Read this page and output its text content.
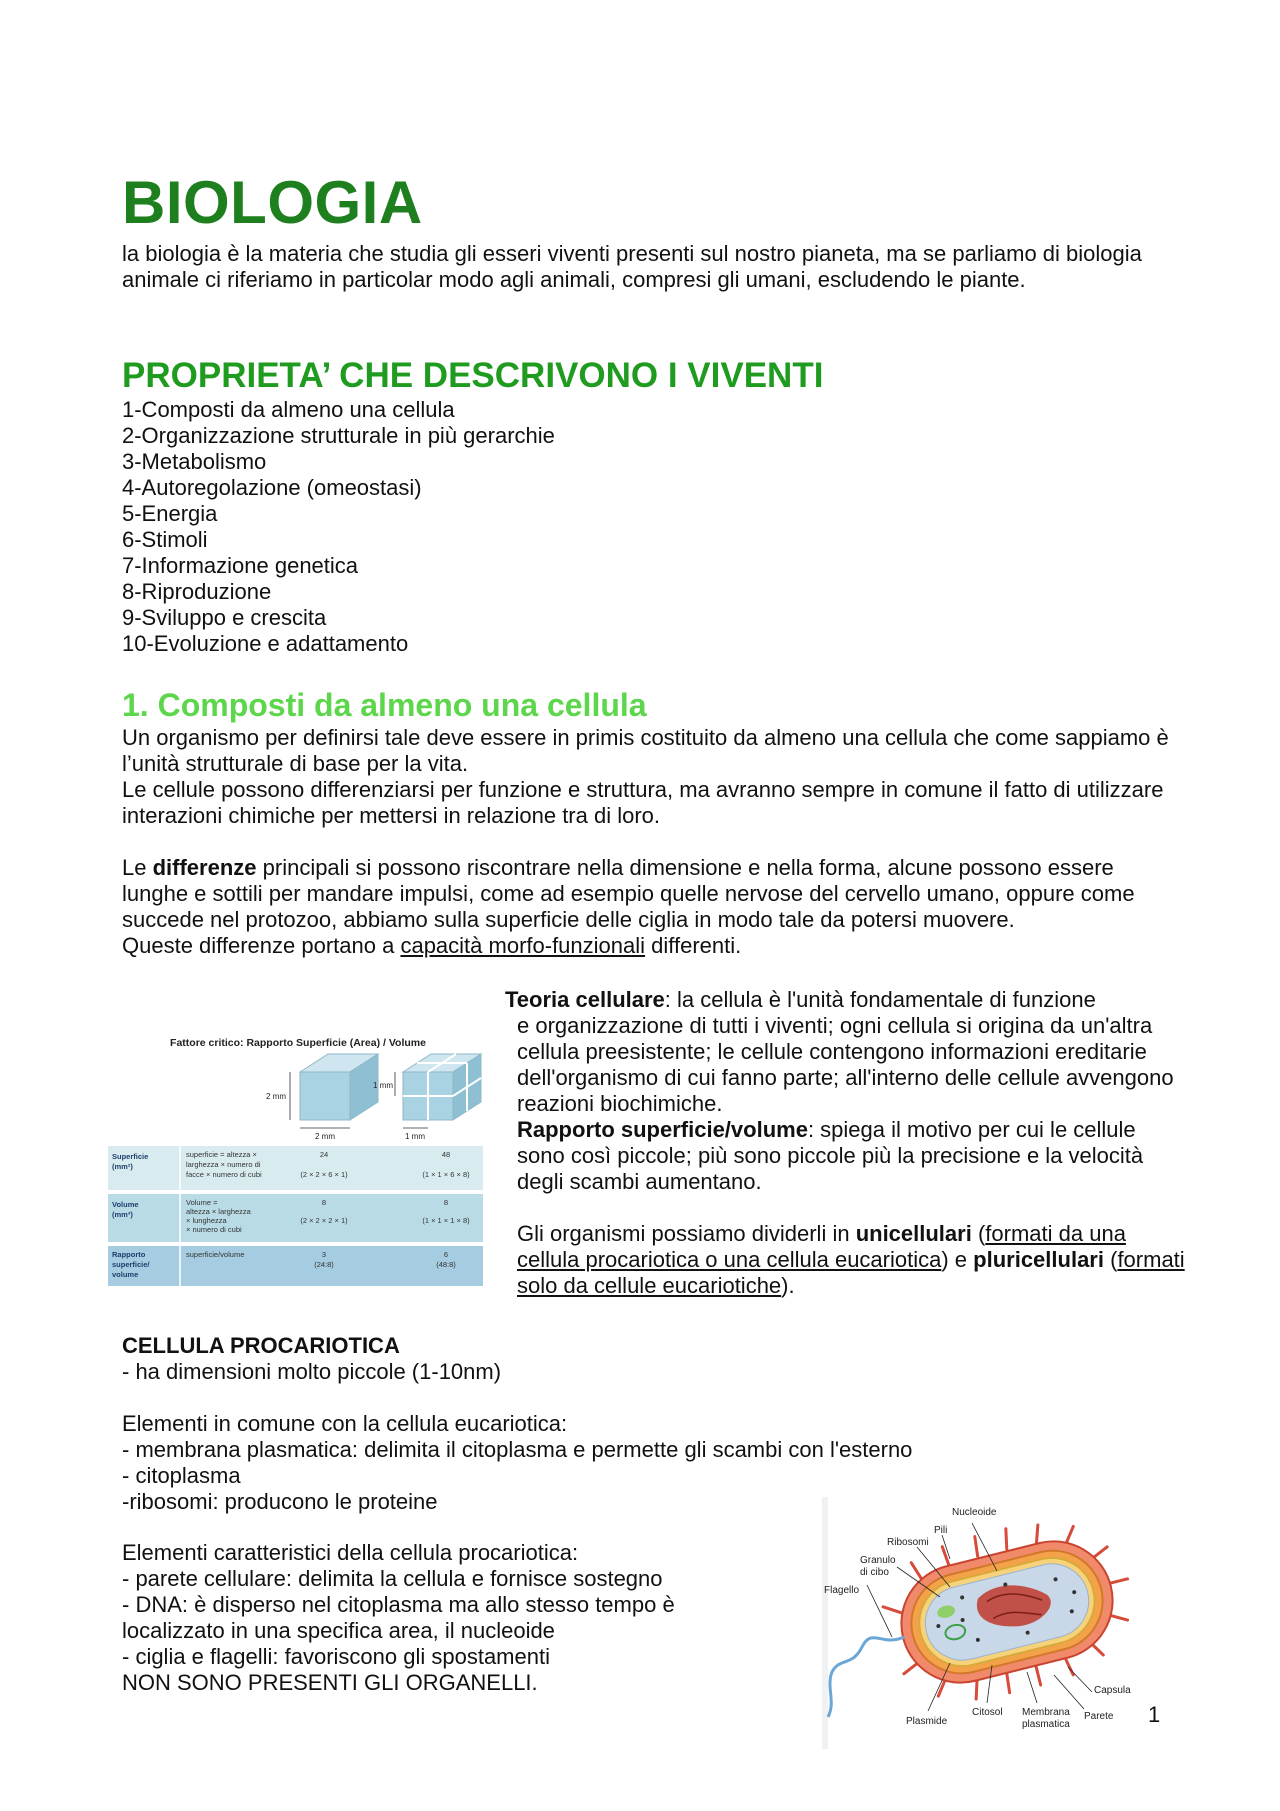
BIOLOGIA
la biologia è la materia che studia gli esseri viventi presenti sul nostro pianeta, ma se parliamo di biologia animale ci riferiamo in particolar modo agli animali, compresi gli umani, escludendo le piante.
PROPRIETA’ CHE DESCRIVONO I VIVENTI
1-Composti da almeno una cellula
2-Organizzazione strutturale in più gerarchie
3-Metabolismo
4-Autoregolazione (omeostasi)
5-Energia
6-Stimoli
7-Informazione genetica
8-Riproduzione
9-Sviluppo e crescita
10-Evoluzione e adattamento
1. Composti da almeno una cellula
Un organismo per definirsi tale deve essere in primis costituito da almeno una cellula che come sappiamo è l’unità strutturale di base per la vita.
Le cellule possono differenziarsi per funzione e struttura, ma avranno sempre in comune il fatto di utilizzare interazioni chimiche per mettersi in relazione tra di loro.
Le differenze principali si possono riscontrare nella dimensione e nella forma, alcune possono essere lunghe e sottili per mandare impulsi, come ad esempio quelle nervose del cervello umano, oppure come succede nel protozoo, abbiamo sulla superficie delle ciglia in modo tale da potersi muovere.
Queste differenze portano a capacità morfo-funzionali differenti.
Fattore critico: Rapporto Superficie (Area) / Volume
2 mm
2 mm
1 mm
1 mm
Superficie (mm²)
superficie = altezza × larghezza × numero di facce × numero di cubi
24
(2 × 2 × 6 × 1)
48
(1 × 1 × 6 × 8)
Volume (mm³)
Volume = altezza × larghezza × lunghezza × numero di cubi
8
(2 × 2 × 2 × 1)
8
(1 × 1 × 1 × 8)
Rapporto superficie/ volume
superficie/volume	3
(24:8)
6
(48:8)

Teoria cellulare: la cellula è l'unità fondamentale di funzione

e organizzazione di tutti i viventi; ogni cellula si origina da un'altra cellula preesistente; le cellule contengono informazioni ereditarie dell'organismo di cui fanno parte; all'interno delle cellule avvengono reazioni biochimiche.

Rapporto superficie/volume: spiega il motivo per cui le cellule sono così piccole; più sono piccole più la precisione e la velocità degli scambi aumentano.

Gli organismi possiamo dividerli in unicellulari (formati da una cellula procariotica o una cellula eucariotica) e pluricellulari (formati solo da cellule eucariotiche).

CELLULA PROCARIOTICA
- ha dimensioni molto piccole (1-10nm)
Elementi in comune con la cellula eucariotica:
- membrana plasmatica: delimita il citoplasma e permette gli scambi con l'esterno
- citoplasma
-ribosomi: producono le proteine
Elementi caratteristici della cellula procariotica:
- parete cellulare: delimita la cellula e fornisce sostegno
- DNA: è disperso nel citoplasma ma allo stesso tempo è
localizzato in una specifica area, il nucleoide
- ciglia e flagelli: favoriscono gli spostamenti
NON SONO PRESENTI GLI ORGANELLI.
Nucleoide
Pili
Ribosomi
Granulo di cibo
Flagello
Capsula
Parete
Plasmide
Citosol Membrana plasmatica	1
